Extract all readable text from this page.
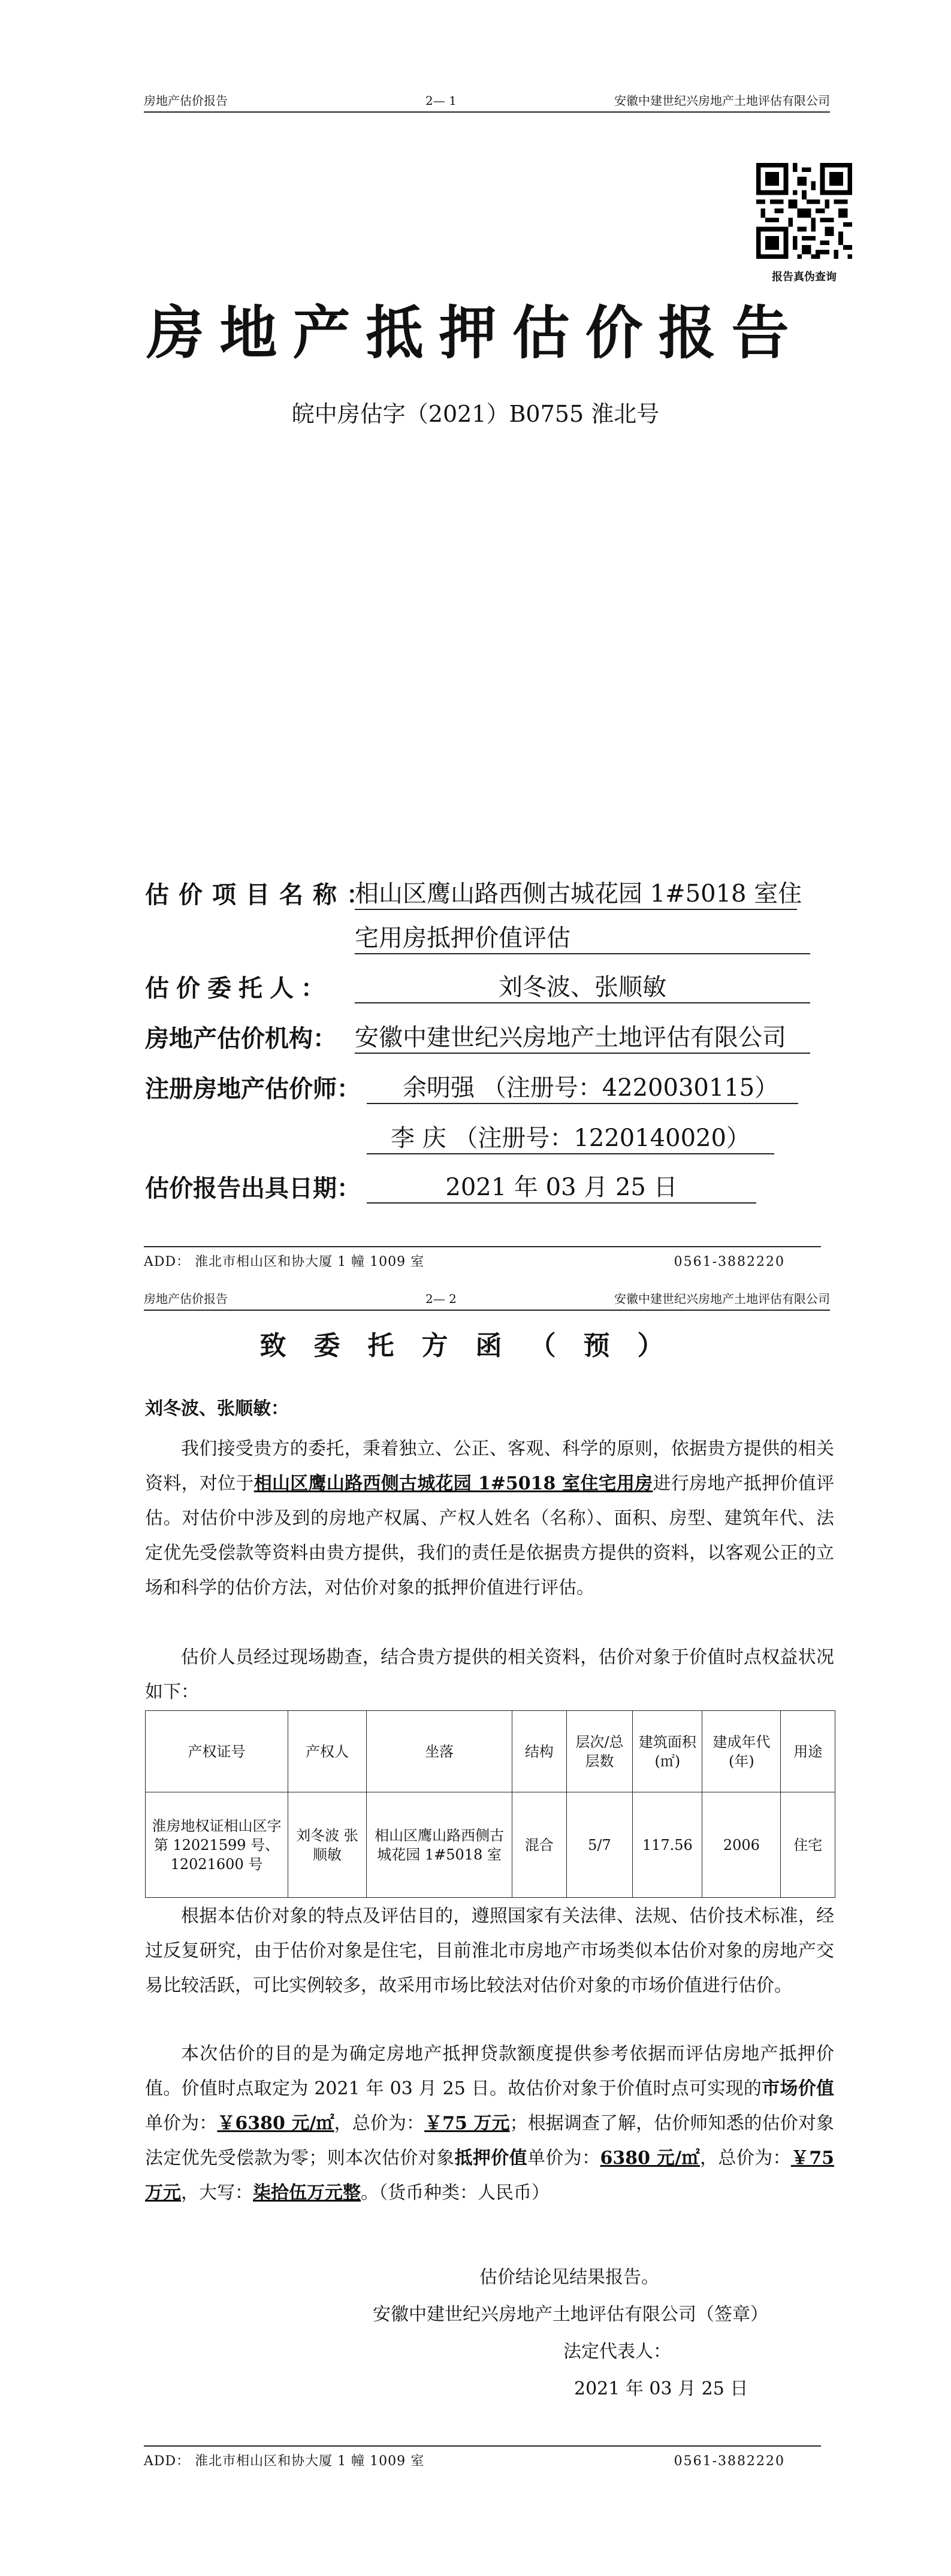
房地产估价报告	2— 1	安徽中建世纪兴房地产土地评估有限公司
报告真伪查询
房地产抵押估价报告
皖中房估字（2021）B0755 淮北号
估价项目名称：
相山区鹰山路西侧古城花园 1#5018 室住
宅用房抵押价值评估
估价委托人：	刘冬波、张顺敏
房地产估价机构： 安徽中建世纪兴房地产土地评估有限公司
注册房地产估价师：	余明强 （注册号：4220030115）
李 庆 （注册号：1220140020）
估价报告出具日期：	2021 年 03 月 25 日
ADD： 淮北市相山区和协大厦 1 幢 1009 室	0561-3882220
房地产估价报告	2— 2	安徽中建世纪兴房地产土地评估有限公司
致委托方函（预）
刘冬波、张顺敏：
我们接受贵方的委托，秉着独立、公正、客观、科学的原则，依据贵方提供的相关资料，对位于相山区鹰山路西侧古城花园 1#5018 室住宅用房进行房地产抵押价值评估。对估价中涉及到的房地产权属、产权人姓名（名称）、面积、房型、建筑年代、法定优先受偿款等资料由贵方提供，我们的责任是依据贵方提供的资料，以客观公正的立场和科学的估价方法，对估价对象的抵押价值进行评估。
估价人员经过现场勘查，结合贵方提供的相关资料，估价对象于价值时点权益状况如下：
产权证号	产权人	坐落	结构	层次/总层数	建筑面积(㎡)	建成年代(年)	用途
淮房地权证相山区字第 12021599 号、12021600 号	刘冬波 张顺敏	相山区鹰山路西侧古城花园 1#5018 室	混合	5/7	117.56	2006	住宅
根据本估价对象的特点及评估目的，遵照国家有关法律、法规、估价技术标准，经过反复研究，由于估价对象是住宅，目前淮北市房地产市场类似本估价对象的房地产交易比较活跃，可比实例较多，故采用市场比较法对估价对象的市场价值进行估价。
本次估价的目的是为确定房地产抵押贷款额度提供参考依据而评估房地产抵押价值。价值时点取定为 2021 年 03 月 25 日。故估价对象于价值时点可实现的市场价值单价为：￥6380 元/㎡，总价为：￥75 万元；根据调查了解，估价师知悉的估价对象法定优先受偿款为零；则本次估价对象抵押价值单价为：6380 元/㎡，总价为：￥75 万元，大写：柒拾伍万元整。（货币种类：人民币）
估价结论见结果报告。
安徽中建世纪兴房地产土地评估有限公司（签章）
法定代表人：
2021 年 03 月 25 日
ADD： 淮北市相山区和协大厦 1 幢 1009 室	0561-3882220
